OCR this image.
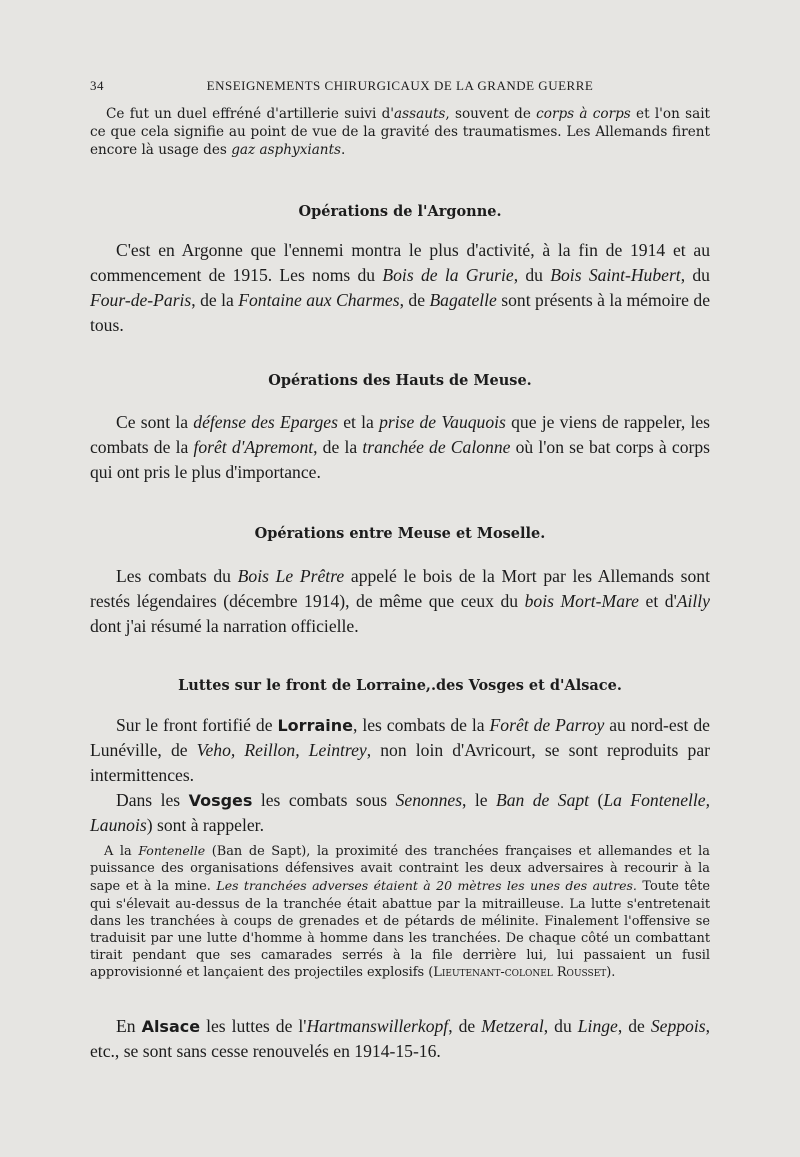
34	ENSEIGNEMENTS CHIRURGICAUX DE LA GRANDE GUERRE

Ce fut un duel effréné d'artillerie suivi d'assauts, souvent de corps à corps et l'on sait ce que cela signifie au point de vue de la gravité des traumatismes. Les Allemands firent encore là usage des gaz asphyxiants.

Opérations de l'Argonne.

C'est en Argonne que l'ennemi montra le plus d'activité, à la fin de 1914 et au commencement de 1915. Les noms du Bois de la Grurie, du Bois Saint-Hubert, du Four-de-Paris, de la Fontaine aux Charmes, de Bagatelle sont présents à la mémoire de tous.

Opérations des Hauts de Meuse.

Ce sont la défense des Eparges et la prise de Vauquois que je viens de rappeler, les combats de la forêt d'Apremont, de la tranchée de Calonne où l'on se bat corps à corps qui ont pris le plus d'importance.

Opérations entre Meuse et Moselle.

Les combats du Bois Le Prêtre appelé le bois de la Mort par les Allemands sont restés légendaires (décembre 1914), de même que ceux du bois Mort-Mare et d'Ailly dont j'ai résumé la narration officielle.

Luttes sur le front de Lorraine,.des Vosges et d'Alsace.

Sur le front fortifié de Lorraine, les combats de la Forêt de Parroy au nord-est de Lunéville, de Veho, Reillon, Leintrey, non loin d'Avricourt, se sont reproduits par intermittences.

Dans les Vosges les combats sous Senonnes, le Ban de Sapt (La Fontenelle, Launois) sont à rappeler.

A la Fontenelle (Ban de Sapt), la proximité des tranchées françaises et allemandes et la puissance des organisations défensives avait contraint les deux adversaires à recourir à la sape et à la mine. Les tranchées adverses étaient à 20 mètres les unes des autres. Toute tête qui s'élevait au-dessus de la tranchée était abattue par la mitrailleuse. La lutte s'entretenait dans les tranchées à coups de grenades et de pétards de mélinite. Finalement l'offensive se traduisit par une lutte d'homme à homme dans les tranchées. De chaque côté un combattant tirait pendant que ses camarades serrés à la file derrière lui, lui passaient un fusil approvisionné et lançaient des projectiles explosifs (Lieutenant-colonel Rousset).

En Alsace les luttes de l'Hartmanswillerkopf, de Metzeral, du Linge, de Seppois, etc., se sont sans cesse renouvelés en 1914-15-16.
